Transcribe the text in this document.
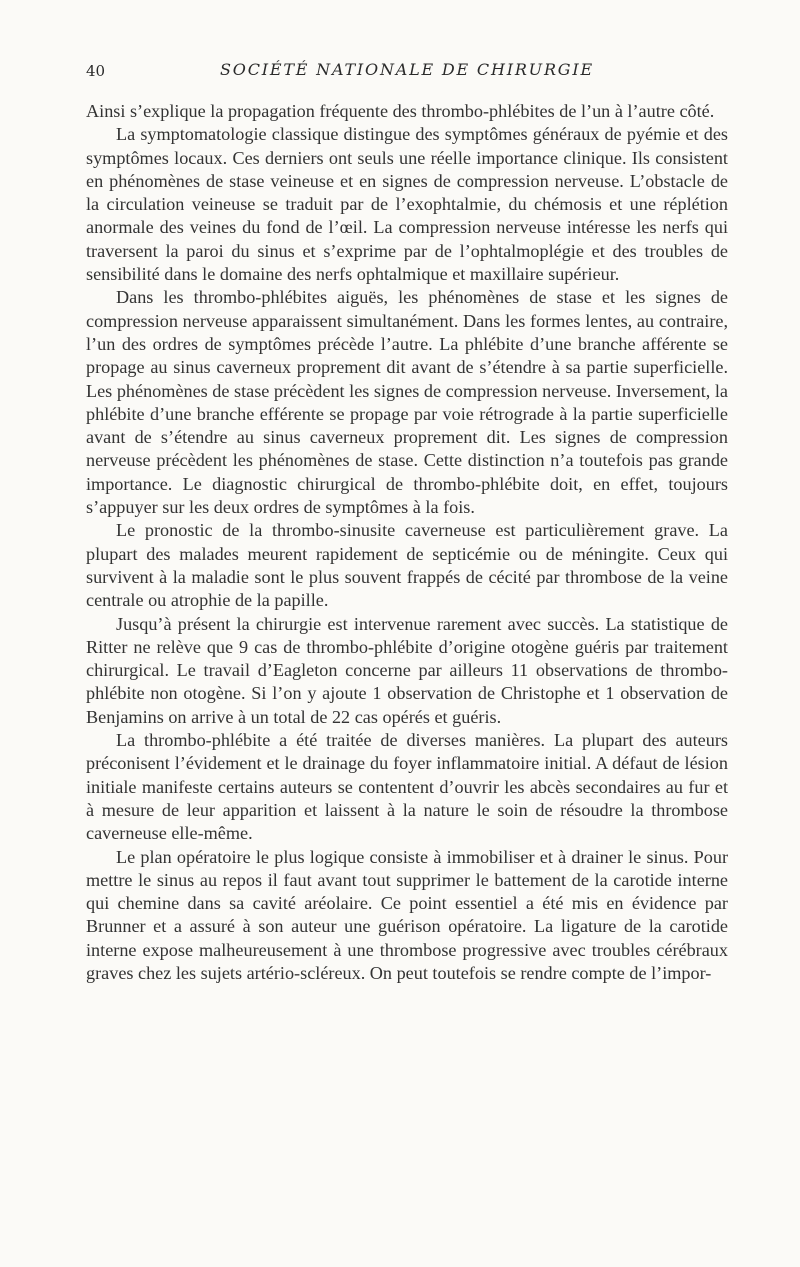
40	SOCIÉTÉ NATIONALE DE CHIRURGIE

Ainsi s’explique la propagation fréquente des thrombo-phlébites de l’un à l’autre côté.

La symptomatologie classique distingue des symptômes généraux de pyémie et des symptômes locaux. Ces derniers ont seuls une réelle importance clinique. Ils consistent en phénomènes de stase veineuse et en signes de compression nerveuse. L’obstacle de la circulation veineuse se traduit par de l’exophtalmie, du chémosis et une réplétion anormale des veines du fond de l’œil. La compression nerveuse intéresse les nerfs qui traversent la paroi du sinus et s’exprime par de l’ophtalmoplégie et des troubles de sensibilité dans le domaine des nerfs ophtalmique et maxillaire supérieur.

Dans les thrombo-phlébites aiguës, les phénomènes de stase et les signes de compression nerveuse apparaissent simultanément. Dans les formes lentes, au contraire, l’un des ordres de symptômes précède l’autre. La phlébite d’une branche afférente se propage au sinus caverneux proprement dit avant de s’étendre à sa partie superficielle. Les phénomènes de stase précèdent les signes de compression nerveuse. Inversement, la phlébite d’une branche efférente se propage par voie rétrograde à la partie superficielle avant de s’étendre au sinus caverneux proprement dit. Les signes de compression nerveuse précèdent les phénomènes de stase. Cette distinction n’a toutefois pas grande importance. Le diagnostic chirurgical de thrombo-phlébite doit, en effet, toujours s’appuyer sur les deux ordres de symptômes à la fois.

Le pronostic de la thrombo-sinusite caverneuse est particulièrement grave. La plupart des malades meurent rapidement de septicémie ou de méningite. Ceux qui survivent à la maladie sont le plus souvent frappés de cécité par thrombose de la veine centrale ou atrophie de la papille.

Jusqu’à présent la chirurgie est intervenue rarement avec succès. La statistique de Ritter ne relève que 9 cas de thrombo-phlébite d’origine otogène guéris par traitement chirurgical. Le travail d’Eagleton concerne par ailleurs 11 observations de thrombo-phlébite non otogène. Si l’on y ajoute 1 observation de Christophe et 1 observation de Benjamins on arrive à un total de 22 cas opérés et guéris.

La thrombo-phlébite a été traitée de diverses manières. La plupart des auteurs préconisent l’évidement et le drainage du foyer inflammatoire initial. A défaut de lésion initiale manifeste certains auteurs se contentent d’ouvrir les abcès secondaires au fur et à mesure de leur apparition et laissent à la nature le soin de résoudre la thrombose caverneuse elle-même.

Le plan opératoire le plus logique consiste à immobiliser et à drainer le sinus. Pour mettre le sinus au repos il faut avant tout supprimer le battement de la carotide interne qui chemine dans sa cavité aréolaire. Ce point essentiel a été mis en évidence par Brunner et a assuré à son auteur une guérison opératoire. La ligature de la carotide interne expose malheureusement à une thrombose progressive avec troubles cérébraux graves chez les sujets artério-scléreux. On peut toutefois se rendre compte de l’impor-
